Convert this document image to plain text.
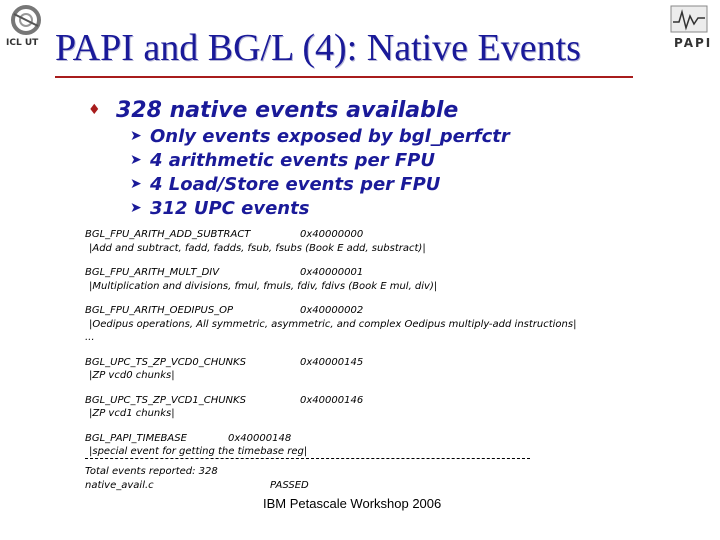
ICL UT	PAPI
PAPI and BG/L (4): Native Events
♦ 328 native events available
➤ Only events exposed by bgl_perfctr
➤ 4 arithmetic events per FPU
➤ 4 Load/Store events per FPU
➤ 312 UPC events
BGL_FPU_ARITH_ADD_SUBTRACT	0x40000000
|Add and subtract, fadd, fadds, fsub, fsubs (Book E add, substract)|
BGL_FPU_ARITH_MULT_DIV	0x40000001
|Multiplication and divisions, fmul, fmuls, fdiv, fdivs (Book E mul, div)|
BGL_FPU_ARITH_OEDIPUS_OP	0x40000002
|Oedipus operations, All symmetric, asymmetric, and complex Oedipus multiply-add instructions|
...
BGL_UPC_TS_ZP_VCD0_CHUNKS	0x40000145
|ZP vcd0 chunks|
BGL_UPC_TS_ZP_VCD1_CHUNKS	0x40000146
|ZP vcd1 chunks|
BGL_PAPI_TIMEBASE	0x40000148
|special event for getting the timebase reg|
Total events reported: 328
native_avail.c	PASSED
IBM Petascale Workshop 2006
